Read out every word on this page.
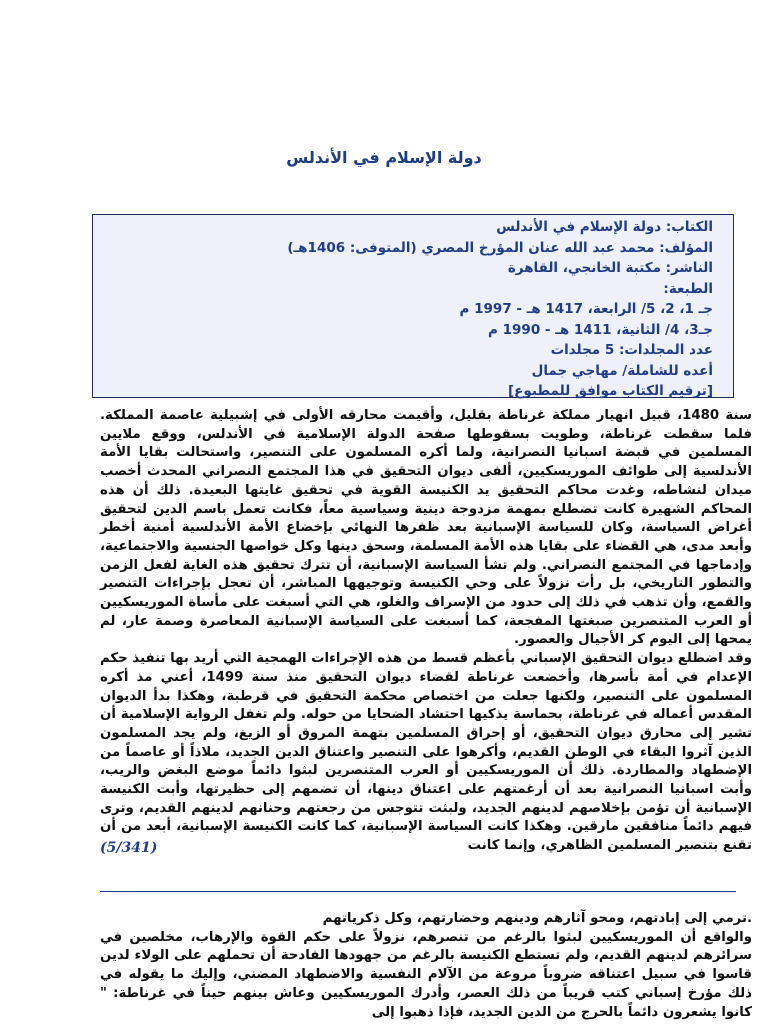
دولة الإسلام في الأندلس
الكتاب: دولة الإسلام في الأندلس
المؤلف: محمد عبد الله عنان المؤرخ المصري (المتوفى: 1406هـ)
الناشر: مكتبة الخانجي، القاهرة
الطبعة:
جـ 1، 2، 5/ الرابعة، 1417 هـ - 1997 م
جـ3، 4/ الثانية، 1411 هـ - 1990 م
عدد المجلدات: 5 مجلدات
أعده للشاملة/ مهاجي جمال
[ترقيم الكتاب موافق للمطبوع]

سنة 1480، قبيل انهيار مملكة غرناطة بقليل، وأقيمت محارقه الأولى في إشبيلية عاصمة المملكة. فلما سقطت غرناطة، وطويت بسقوطها صفحة الدولة الإسلامية في الأندلس، ووقع ملايين المسلمين في قبضة اسبانيا النصرانية، ولما أكره المسلمون على التنصير، واستحالت بقايا الأمة الأندلسية إلى طوائف الموريسكيين، ألفى ديوان التحقيق في هذا المجتمع النصراني المحدث أخصب ميدان لنشاطه، وغدت محاكم التحقيق يد الكنيسة القوية في تحقيق غايتها البعيدة. ذلك أن هذه المحاكم الشهيرة كانت تضطلع بمهمة مزدوجة دينية وسياسية معاً، فكانت تعمل باسم الدين لتحقيق أغراض السياسة، وكان للسياسة الإسبانية بعد ظفرها النهائي بإخضاع الأمة الأندلسية أمنية أخطر وأبعد مدى، هي القضاء على بقايا هذه الأمة المسلمة، وسحق دينها وكل خواصها الجنسية والاجتماعية، وإدماجها في المجتمع النصراني. ولم تشأ السياسة الإسبانية، أن تترك تحقيق هذه الغاية لفعل الزمن والتطور التاريخي، بل رأت نزولاً على وحي الكنيسة وتوجيهها المباشر، أن تعجل بإجراءات التنصير والقمع، وأن تذهب في ذلك إلى حدود من الإسراف والغلو، هي التي أسبغت على مأساة الموريسكيين أو العرب المتنصرين صبغتها المفجعة، كما أسبغت على السياسة الإسبانية المعاصرة وصمة عار، لم يمحها إلى اليوم كر الأجيال والعصور.

وقد اضطلع ديوان التحقيق الإسباني بأعظم قسط من هذه الإجراءات الهمجية التي أريد بها تنفيذ حكم الإعدام في أمة بأسرها، وأخضعت غرناطة لقضاء ديوان التحقيق منذ سنة 1499، أعني مذ أكره المسلمون على التنصير، ولكنها جعلت من اختصاص محكمة التحقيق في قرطبة، وهكذا بدأ الديوان المقدس أعماله في غرناطة، بحماسة يذكيها احتشاد الضحايا من حوله. ولم تغفل الرواية الإسلامية أن تشير إلى محارق ديوان التحقيق، أو إحراق المسلمين بتهمة المروق أو الزيغ، ولم يجد المسلمون الذين آثروا البقاء في الوطن القديم، وأكرهوا على التنصير واعتناق الدين الجديد، ملاذاً أو عاصماً من الإضطهاد والمطاردة. ذلك أن الموريسكيين أو العرب المتنصرين لبثوا دائماً موضع البغض والريب، وأبت اسبانيا النصرانية بعد أن أرغمتهم على اعتناق دينها، أن تضمهم إلى حظيرتها، وأبت الكنيسة الإسبانية أن تؤمن بإخلاصهم لدينهم الجديد، ولبثت تتوجس من رجعتهم وحنانهم لدينهم القديم، وترى فيهم دائماً منافقين مارقين. وهكذا كانت السياسة الإسبانية، كما كانت الكنيسة الإسبانية، أبعد من أن تقنع بتنصير المسلمين الظاهري، وإنما كانت

(5/341)

.ترمي إلى إبادتهم، ومحو آثارهم ودينهم وحضارتهم، وكل ذكرياتهم

والواقع أن الموريسكيين لبثوا بالرغم من تنصرهم، نزولاً على حكم القوة والإرهاب، مخلصين في سرائرهم لدينهم القديم، ولم تستطع الكنيسة بالرغم من جهودها الفادحة أن تحملهم على الولاء لدين قاسوا في سبيل اعتناقه ضروباً مروعة من الآلام النفسية والاضطهاد المضني، وإليك ما يقوله في ذلك مؤرخ إسباني كتب قريباً من ذلك العصر، وأدرك الموريسكيين وعاش بينهم حيناً في غرناطة: " كانوا يشعرون دائماً بالحرج من الدين الجديد، فإذا ذهبوا إلى
